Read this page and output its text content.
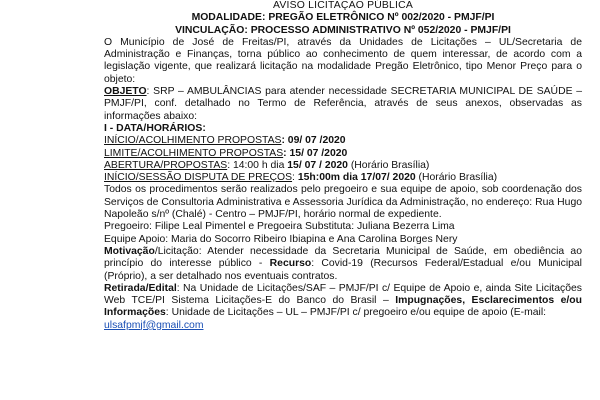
AVISO LICITAÇÃO PÚBLICA
MODALIDADE: PREGÃO ELETRÔNICO Nº 002/2020 - PMJF/PI
VINCULAÇÃO: PROCESSO ADMINISTRATIVO Nº 052/2020 - PMJF/PI

O Município de José de Freitas/PI, através da Unidades de Licitações – UL/Secretaria de Administração e Finanças, torna público ao conhecimento de quem interessar, de acordo com a legislação vigente, que realizará licitação na modalidade Pregão Eletrônico, tipo Menor Preço para o objeto:

OBJETO: SRP – AMBULÂNCIAS para atender necessidade SECRETARIA MUNICIPAL DE SAÚDE – PMJF/PI, conf. detalhado no Termo de Referência, através de seus anexos, observadas as informações abaixo:

I - DATA/HORÁRIOS:
INÍCIO/ACOLHIMENTO PROPOSTAS: 09/ 07 /2020
LIMITE/ACOLHIMENTO PROPOSTAS: 15/ 07 /2020
ABERTURA/PROPOSTAS: 14:00 h dia 15/ 07 / 2020 (Horário Brasília)
INÍCIO/SESSÃO DISPUTA DE PREÇOS: 15h:00m dia 17/07/ 2020 (Horário Brasília)

Todos os procedimentos serão realizados pelo pregoeiro e sua equipe de apoio, sob coordenação dos Serviços de Consultoria Administrativa e Assessoria Jurídica da Administração, no endereço: Rua Hugo Napoleão s/nº (Chalé) - Centro – PMJF/PI, horário normal de expediente.

Pregoeiro: Filipe Leal Pimentel e Pregoeira Substituta: Juliana Bezerra Lima
Equipe Apoio: Maria do Socorro Ribeiro Ibiapina e Ana Carolina Borges Nery

Motivação/Licitação: Atender necessidade da Secretaria Municipal de Saúde, em obediência ao princípio do interesse público - Recurso: Covid-19 (Recursos Federal/Estadual e/ou Municipal (Próprio), a ser detalhado nos eventuais contratos.

Retirada/Edital: Na Unidade de Licitações/SAF – PMJF/PI c/ Equipe de Apoio e, ainda Site Licitações Web TCE/PI Sistema Licitações-E do Banco do Brasil – Impugnações, Esclarecimentos e/ou Informações: Unidade de Licitações – UL – PMJF/PI c/ pregoeiro e/ou equipe de apoio (E-mail:

ulsafpmjf@gmail.com
